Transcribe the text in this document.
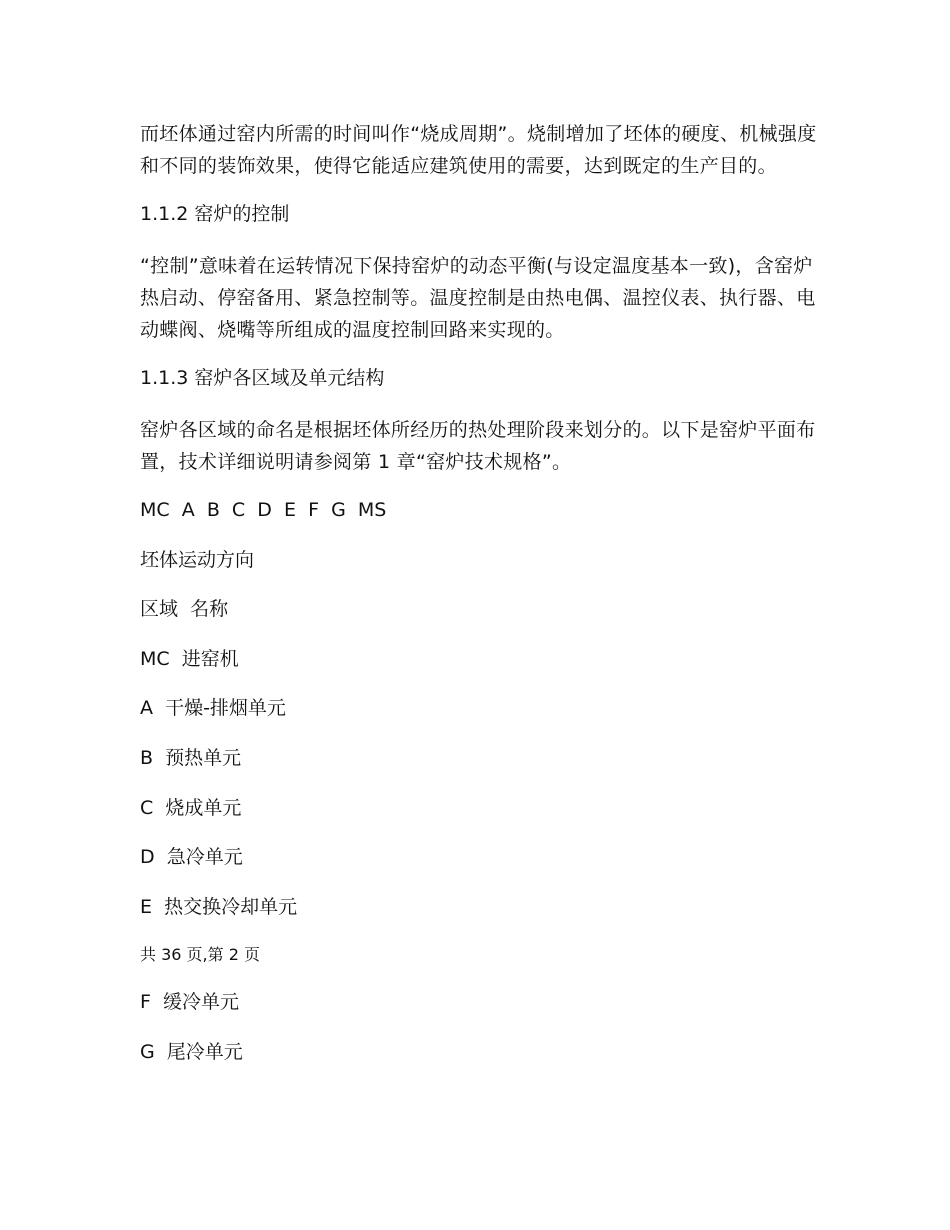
而坯体通过窑内所需的时间叫作“烧成周期”。烧制增加了坯体的硬度、机械强度和不同的装饰效果，使得它能适应建筑使用的需要，达到既定的生产目的。

1.1.2 窑炉的控制

“控制”意味着在运转情况下保持窑炉的动态平衡(与设定温度基本一致)，含窑炉热启动、停窑备用、紧急控制等。温度控制是由热电偶、温控仪表、执行器、电动蝶阀、烧嘴等所组成的温度控制回路来实现的。

1.1.3 窑炉各区域及单元结构

窑炉各区域的命名是根据坯体所经历的热处理阶段来划分的。以下是窑炉平面布置，技术详细说明请参阅第 1 章“窑炉技术规格”。

MC  A  B  C  D  E  F  G  MS

坯体运动方向

区域  名称

MC  进窑机

A  干燥-排烟单元

B  预热单元

C  烧成单元

D  急冷单元

E  热交换冷却单元

共 36 页,第 2 页

F  缓冷单元

G  尾冷单元
